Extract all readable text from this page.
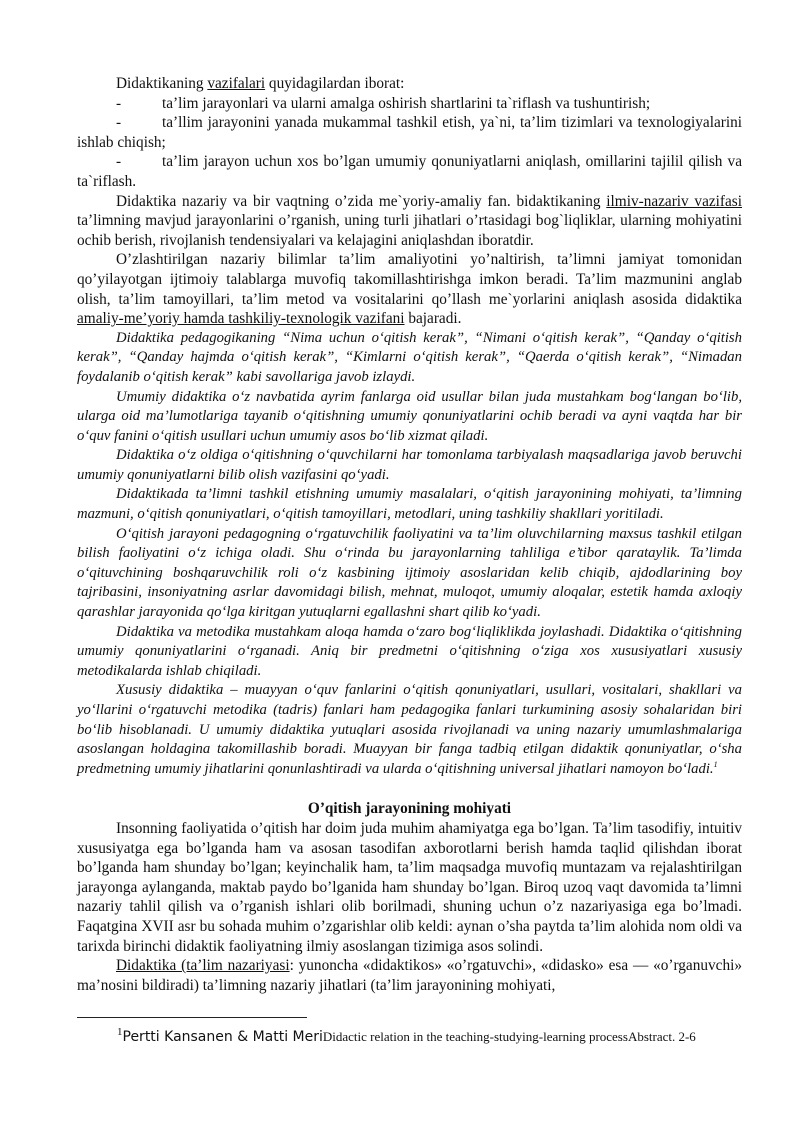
Didaktikaning vazifalari quyidagilardan iborat:

-	ta’lim jarayonlari va ularni amalga oshirish shartlarini ta`riflash va tushuntirish;

-	ta’llim jarayonini yanada mukammal tashkil etish, ya`ni, ta’lim tizimlari va texnologiyalarini ishlab chiqish;

-	ta’lim jarayon uchun xos bo’lgan umumiy qonuniyatlarni aniqlash, omillarini tajilil qilish va ta`riflash.

Didaktika nazariy va bir vaqtning o’zida me`yoriy-amaliy fan. bidaktikaning ilmiv-nazariv vazifasi ta’limning mavjud jarayonlarini o’rganish, uning turli jihatlari o’rtasidagi bog`liqliklar, ularning mohiyatini ochib berish, rivojlanish tendensiyalari va kelajagini aniqlashdan iboratdir.

O’zlashtirilgan nazariy bilimlar ta’lim amaliyotini yo’naltirish, ta’limni jamiyat tomonidan qo’yilayotgan ijtimoiy talablarga muvofiq takomillashtirishga imkon beradi. Ta’lim mazmunini anglab olish, ta’lim tamoyillari, ta’lim metod va vositalarini qo’llash me`yorlarini aniqlash asosida didaktika amaliy-me’yoriy hamda tashkiliy-texnologik vazifani bajaradi.

Didaktika pedagogikaning “Nima uchun o‘qitish kerak”, “Nimani o‘qitish kerak”, “Qanday o‘qitish kerak”, “Qanday hajmda o‘qitish kerak”, “Kimlarni o‘qitish kerak”, “Qaerda o‘qitish kerak”, “Nimadan foydalanib o‘qitish kerak” kabi savollariga javob izlaydi.

Umumiy didaktika o‘z navbatida ayrim fanlarga oid usullar bilan juda mustahkam bog‘langan bo‘lib, ularga oid ma’lumotlariga tayanib o‘qitishning umumiy qonuniyatlarini ochib beradi va ayni vaqtda har bir o‘quv fanini o‘qitish usullari uchun umumiy asos bo‘lib xizmat qiladi.

Didaktika o‘z oldiga o‘qitishning o‘quvchilarni har tomonlama tarbiyalash maqsadlariga javob beruvchi umumiy qonuniyatlarni bilib olish vazifasini qo‘yadi.

Didaktikada ta’limni tashkil etishning umumiy masalalari, o‘qitish jarayonining mohiyati, ta’limning mazmuni, o‘qitish qonuniyatlari, o‘qitish tamoyillari, metodlari, uning tashkiliy shakllari yoritiladi.

O‘qitish jarayoni pedagogning o‘rgatuvchilik faoliyatini va ta’lim oluvchilarning maxsus tashkil etilgan bilish faoliyatini o‘z ichiga oladi. Shu o‘rinda bu jarayonlarning tahliliga e’tibor qarataylik. Ta’limda o‘qituvchining boshqaruvchilik roli o‘z kasbining ijtimoiy asoslaridan kelib chiqib, ajdodlarining boy tajribasini, insoniyatning asrlar davomidagi bilish, mehnat, muloqot, umumiy aloqalar, estetik hamda axloqiy qarashlar jarayonida qo‘lga kiritgan yutuqlarni egallashni shart qilib ko‘yadi.

Didaktika va metodika mustahkam aloqa hamda o‘zaro bog‘liqliklikda joylashadi. Didaktika o‘qitishning umumiy qonuniyatlarini o‘rganadi. Aniq bir predmetni o‘qitishning o‘ziga xos xususiyatlari xususiy metodikalarda ishlab chiqiladi.

Xususiy didaktika – muayyan o‘quv fanlarini o‘qitish qonuniyatlari, usullari, vositalari, shakllari va yo‘llarini o‘rgatuvchi metodika (tadris) fanlari ham pedagogika fanlari turkumining asosiy sohalaridan biri bo‘lib hisoblanadi. U umumiy didaktika yutuqlari asosida rivojlanadi va uning nazariy umumlashmalariga asoslangan holdagina takomillashib boradi. Muayyan bir fanga tadbiq etilgan didaktik qonuniyatlar, o‘sha predmetning umumiy jihatlarini qonunlashtiradi va ularda o‘qitishning universal jihatlari namoyon bo‘ladi.$^1$

O’qitish jarayonining mohiyati

Insonning faoliyatida o’qitish har doim juda muhim ahamiyatga ega bo’lgan. Ta’lim tasodifiy, intuitiv xususiyatga ega bo’lganda ham va asosan tasodifan axborotlarni berish hamda taqlid qilishdan iborat bo’lganda ham shunday bo’lgan; keyinchalik ham, ta’lim maqsadga muvofiq muntazam va rejalashtirilgan jarayonga aylanganda, maktab paydo bo’lganida ham shunday bo’lgan. Biroq uzoq vaqt davomida ta’limni nazariy tahlil qilish va o’rganish ishlari olib borilmadi, shuning uchun o’z nazariyasiga ega bo’lmadi. Faqatgina XVII asr bu sohada muhim o’zgarishlar olib keldi: aynan o’sha paytda ta’lim alohida nom oldi va tarixda birinchi didaktik faoliyatning ilmiy asoslangan tizimiga asos solindi.

Didaktika (ta’lim nazariyasi: yunoncha «didaktikos» «o’rgatuvchi», «didasko» esa — «o’rganuvchi» ma’nosini bildiradi) ta’limning nazariy jihatlari (ta’lim jarayonining mohiyati,

$^1$Pertti Kansanen & Matti MeriDidactic relation in the teaching-studying-learning processAbstract. 2-6
